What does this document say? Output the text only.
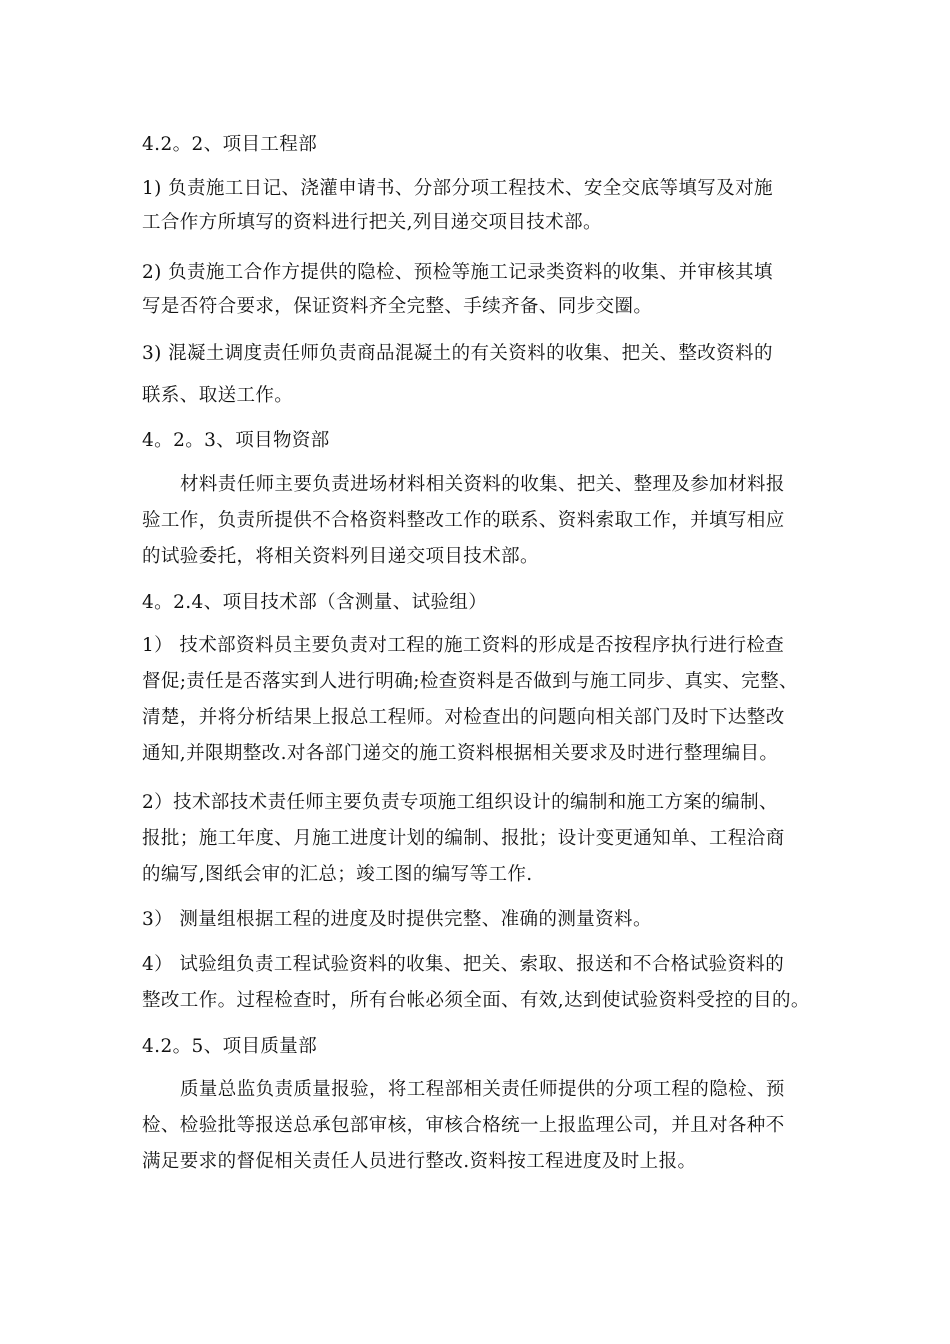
4.2。2、项目工程部
1) 负责施工日记、浇灌申请书、分部分项工程技术、安全交底等填写及对施
工合作方所填写的资料进行把关,列目递交项目技术部。
2) 负责施工合作方提供的隐检、预检等施工记录类资料的收集、并审核其填
写是否符合要求，保证资料齐全完整、手续齐备、同步交圈。
3) 混凝土调度责任师负责商品混凝土的有关资料的收集、把关、整改资料的
联系、取送工作。
4。2。3、项目物资部
材料责任师主要负责进场材料相关资料的收集、把关、整理及参加材料报
验工作，负责所提供不合格资料整改工作的联系、资料索取工作，并填写相应
的试验委托，将相关资料列目递交项目技术部。
4。2.4、项目技术部（含测量、试验组）
1） 技术部资料员主要负责对工程的施工资料的形成是否按程序执行进行检查
督促;责任是否落实到人进行明确;检查资料是否做到与施工同步、真实、完整、
清楚，并将分析结果上报总工程师。对检查出的问题向相关部门及时下达整改
通知,并限期整改.对各部门递交的施工资料根据相关要求及时进行整理编目。
2）技术部技术责任师主要负责专项施工组织设计的编制和施工方案的编制、
报批；施工年度、月施工进度计划的编制、报批；设计变更通知单、工程洽商
的编写,图纸会审的汇总；竣工图的编写等工作.
3） 测量组根据工程的进度及时提供完整、准确的测量资料。
4） 试验组负责工程试验资料的收集、把关、索取、报送和不合格试验资料的
整改工作。过程检查时，所有台帐必须全面、有效,达到使试验资料受控的目的。
4.2。5、项目质量部
质量总监负责质量报验，将工程部相关责任师提供的分项工程的隐检、预
检、检验批等报送总承包部审核，审核合格统一上报监理公司，并且对各种不
满足要求的督促相关责任人员进行整改.资料按工程进度及时上报。
